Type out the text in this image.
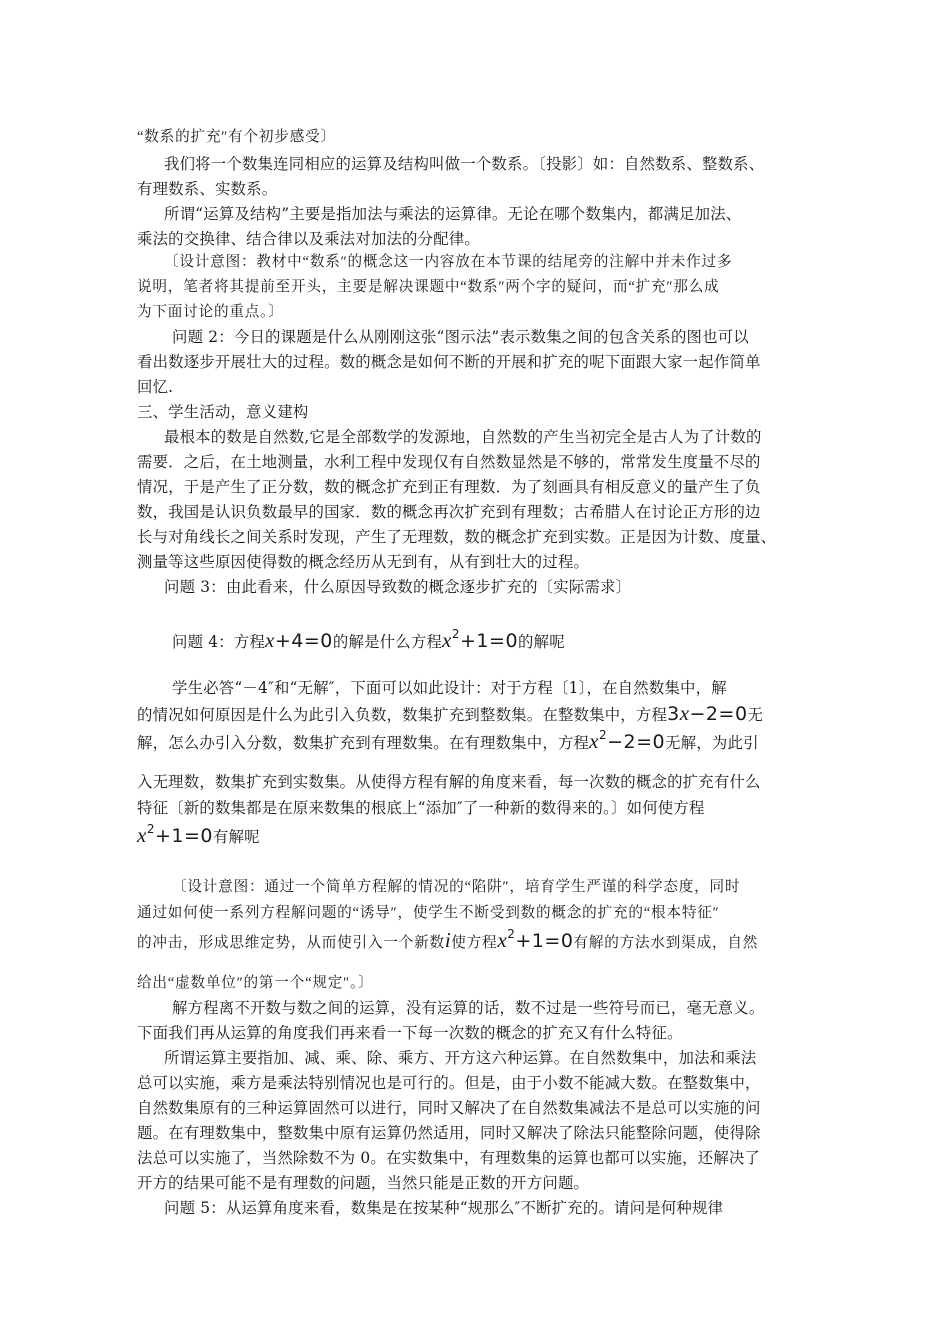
“数系的扩充″有个初步感受〕
我们将一个数集连同相应的运算及结构叫做一个数系。〔投影〕如：自然数系、整数系、
有理数系、实数系。
所谓“运算及结构”主要是指加法与乘法的运算律。无论在哪个数集内，都满足加法、
乘法的交换律、结合律以及乘法对加法的分配律。
〔设计意图：教材中“数系″的概念这一内容放在本节课的结尾旁的注解中并未作过多
说明，笔者将其提前至开头，主要是解决课题中“数系″两个字的疑问，而“扩充″那么成
为下面讨论的重点。〕
问题 2：今日的课题是什么从刚刚这张“图示法”表示数集之间的包含关系的图也可以
看出数逐步开展壮大的过程。数的概念是如何不断的开展和扩充的呢下面跟大家一起作简单
回忆.
三、学生活动，意义建构
最根本的数是自然数,它是全部数学的发源地，自然数的产生当初完全是古人为了计数的
需要．之后，在土地测量，水利工程中发现仅有自然数显然是不够的，常常发生度量不尽的
情况，于是产生了正分数，数的概念扩充到正有理数．为了刻画具有相反意义的量产生了负
数，我国是认识负数最早的国家．数的概念再次扩充到有理数；古希腊人在讨论正方形的边
长与对角线长之间关系时发现，产生了无理数，数的概念扩充到实数。正是因为计数、度量、
测量等这些原因使得数的概念经历从无到有，从有到壮大的过程。
问题 3：由此看来，什么原因导致数的概念逐步扩充的〔实际需求〕
问题 4：方程x+4=0的解是什么方程$x^2+1=0$的解呢
学生必答“－4″和“无解″，下面可以如此设计：对于方程〔1〕，在自然数集中，解
的情况如何原因是什么为此引入负数，数集扩充到整数集。在整数集中，方程3x−2=0无
解，怎么办引入分数，数集扩充到有理数集。在有理数集中，方程$x^2-2=0$无解，为此引
入无理数，数集扩充到实数集。从使得方程有解的角度来看，每一次数的概念的扩充有什么
特征〔新的数集都是在原来数集的根底上“添加″了一种新的数得来的。〕如何使方程
$x^2+1=0$有解呢
〔设计意图：通过一个简单方程解的情况的“陷阱″，培育学生严谨的科学态度，同时
通过如何使一系列方程解问题的“诱导″，使学生不断受到数的概念的扩充的“根本特征″
的冲击，形成思维定势，从而使引入一个新数i使方程$x^2+1=0$有解的方法水到渠成，自然
给出“虚数单位″的第一个“规定″。〕
解方程离不开数与数之间的运算，没有运算的话，数不过是一些符号而已，毫无意义。
下面我们再从运算的角度我们再来看一下每一次数的概念的扩充又有什么特征。
所谓运算主要指加、减、乘、除、乘方、开方这六种运算。在自然数集中，加法和乘法
总可以实施，乘方是乘法特别情况也是可行的。但是，由于小数不能减大数。在整数集中，
自然数集原有的三种运算固然可以进行，同时又解决了在自然数集减法不是总可以实施的问
题。在有理数集中，整数集中原有运算仍然适用，同时又解决了除法只能整除问题，使得除
法总可以实施了，当然除数不为 0。在实数集中，有理数集的运算也都可以实施，还解决了
开方的结果可能不是有理数的问题，当然只能是正数的开方问题。
问题 5：从运算角度来看，数集是在按某种“规那么″不断扩充的。请问是何种规律
